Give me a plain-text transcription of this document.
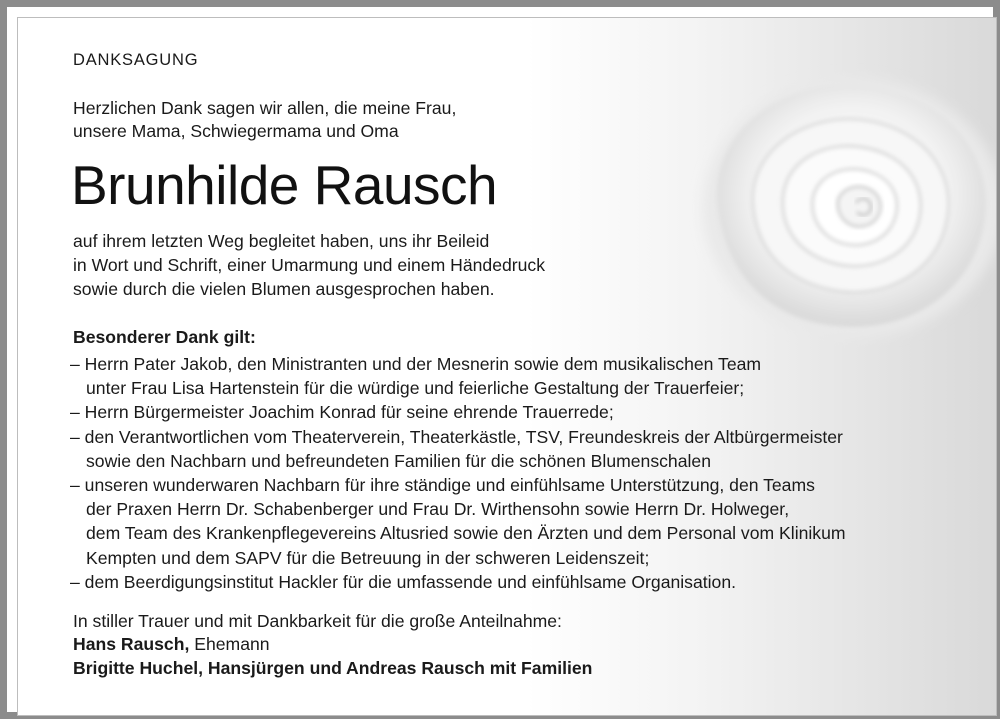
DANKSAGUNG

Herzlichen Dank sagen wir allen, die meine Frau,

unsere Mama, Schwiegermama und Oma

Brunhilde Rausch

auf ihrem letzten Weg begleitet haben, uns ihr Beileid

in Wort und Schrift, einer Umarmung und einem Händedruck

sowie durch die vielen Blumen ausgesprochen haben.

Besonderer Dank gilt:

– Herrn Pater Jakob, den Ministranten und der Mesnerin sowie dem musikalischen Team
unter Frau Lisa Hartenstein für die würdige und feierliche Gestaltung der Trauerfeier;
– Herrn Bürgermeister Joachim Konrad für seine ehrende Trauerrede;
– den Verantwortlichen vom Theaterverein, Theaterkästle, TSV, Freundeskreis der Altbürgermeister
sowie den Nachbarn und befreundeten Familien für die schönen Blumenschalen
– unseren wunderwaren Nachbarn für ihre ständige und einfühlsame Unterstützung, den Teams
der Praxen Herrn Dr. Schabenberger und Frau Dr. Wirthensohn sowie Herrn Dr. Holweger,
dem Team des Krankenpflegevereins Altusried sowie den Ärzten und dem Personal vom Klinikum
Kempten und dem SAPV für die Betreuung in der schweren Leidenszeit;
– dem Beerdigungsinstitut Hackler für die umfassende und einfühlsame Organisation.

In stiller Trauer und mit Dankbarkeit für die große Anteilnahme:

Hans Rausch, Ehemann

Brigitte Huchel, Hansjürgen und Andreas Rausch mit Familien
